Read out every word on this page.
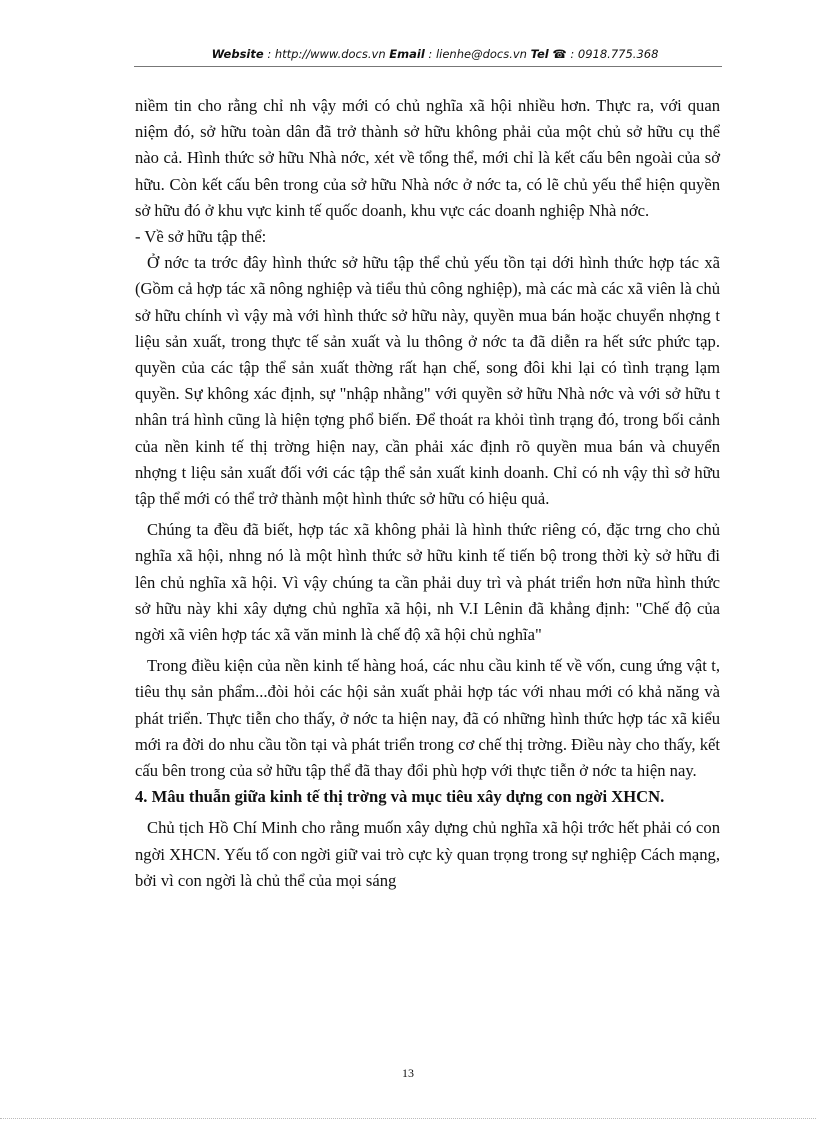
Website : http://www.docs.vn Email : lienhe@docs.vn Tel ☎ : 0918.775.368

niềm tin cho rằng chỉ nh vậy mới có chủ nghĩa xã hội nhiều hơn. Thực ra, với quan niệm đó, sở hữu toàn dân đã trở thành sở hữu không phải của một chủ sở hữu cụ thể nào cả. Hình thức sở hữu Nhà nớc, xét về tổng thể, mới chỉ là kết cấu bên ngoài của sở hữu. Còn kết cấu bên trong của sở hữu Nhà nớc ở nớc ta, có lẽ chủ yếu thể hiện quyền sở hữu đó ở khu vực kinh tế quốc doanh, khu vực các doanh nghiệp Nhà nớc.

- Về sở hữu tập thể:

Ở nớc ta trớc đây hình thức sở hữu tập thể chủ yếu tồn tại dới hình thức hợp tác xã (Gồm cả hợp tác xã nông nghiệp và tiểu thủ công nghiệp), mà các mà các xã viên là chủ sở hữu chính vì vậy mà với hình thức sở hữu này, quyền mua bán hoặc chuyển nhợng t liệu sản xuất, trong thực tế sản xuất và lu thông ở nớc ta đã diễn ra hết sức phức tạp. quyền của các tập thể sản xuất thờng rất hạn chế, song đôi khi lại có tình trạng lạm quyền. Sự không xác định, sự "nhập nhằng" với quyền sở hữu Nhà nớc và với sở hữu t nhân trá hình cũng là hiện tợng phổ biến. Để thoát ra khỏi tình trạng đó, trong bối cảnh của nền kinh tế thị trờng hiện nay, cần phải xác định rõ quyền mua bán và chuyển nhợng t liệu sản xuất đối với các tập thể sản xuất kinh doanh. Chỉ có nh vậy thì sở hữu tập thể mới có thể trở thành một hình thức sở hữu có hiệu quả.

Chúng ta đều đã biết, hợp tác xã không phải là hình thức riêng có, đặc trng cho chủ nghĩa xã hội, nhng nó là một hình thức sở hữu kinh tế tiến bộ trong thời kỳ sở hữu đi lên chủ nghĩa xã hội. Vì vậy chúng ta cần phải duy trì và phát triển hơn nữa hình thức sở hữu này khi xây dựng chủ nghĩa xã hội, nh V.I Lênin đã khẳng định: "Chế độ của ngời xã viên hợp tác xã văn minh là chế độ xã hội chủ nghĩa"

Trong điều kiện của nền kinh tế hàng hoá, các nhu cầu kinh tế về vốn, cung ứng vật t, tiêu thụ sản phẩm...đòi hỏi các hội sản xuất phải hợp tác với nhau mới có khả năng và phát triển. Thực tiễn cho thấy, ở nớc ta hiện nay, đã có những hình thức hợp tác xã kiểu mới ra đời do nhu cầu tồn tại và phát triển trong cơ chế thị trờng. Điều này cho thấy, kết cấu bên trong của sở hữu tập thể đã thay đổi phù hợp với thực tiễn ở nớc ta hiện nay.

4. Mâu thuẫn giữa kinh tế thị trờng và mục tiêu xây dựng con ngời XHCN.

Chủ tịch Hồ Chí Minh cho rằng muốn xây dựng chủ nghĩa xã hội trớc hết phải có con ngời XHCN. Yếu tố con ngời giữ vai trò cực kỳ quan trọng trong sự nghiệp Cách mạng, bởi vì con ngời là chủ thể của mọi sáng

13
